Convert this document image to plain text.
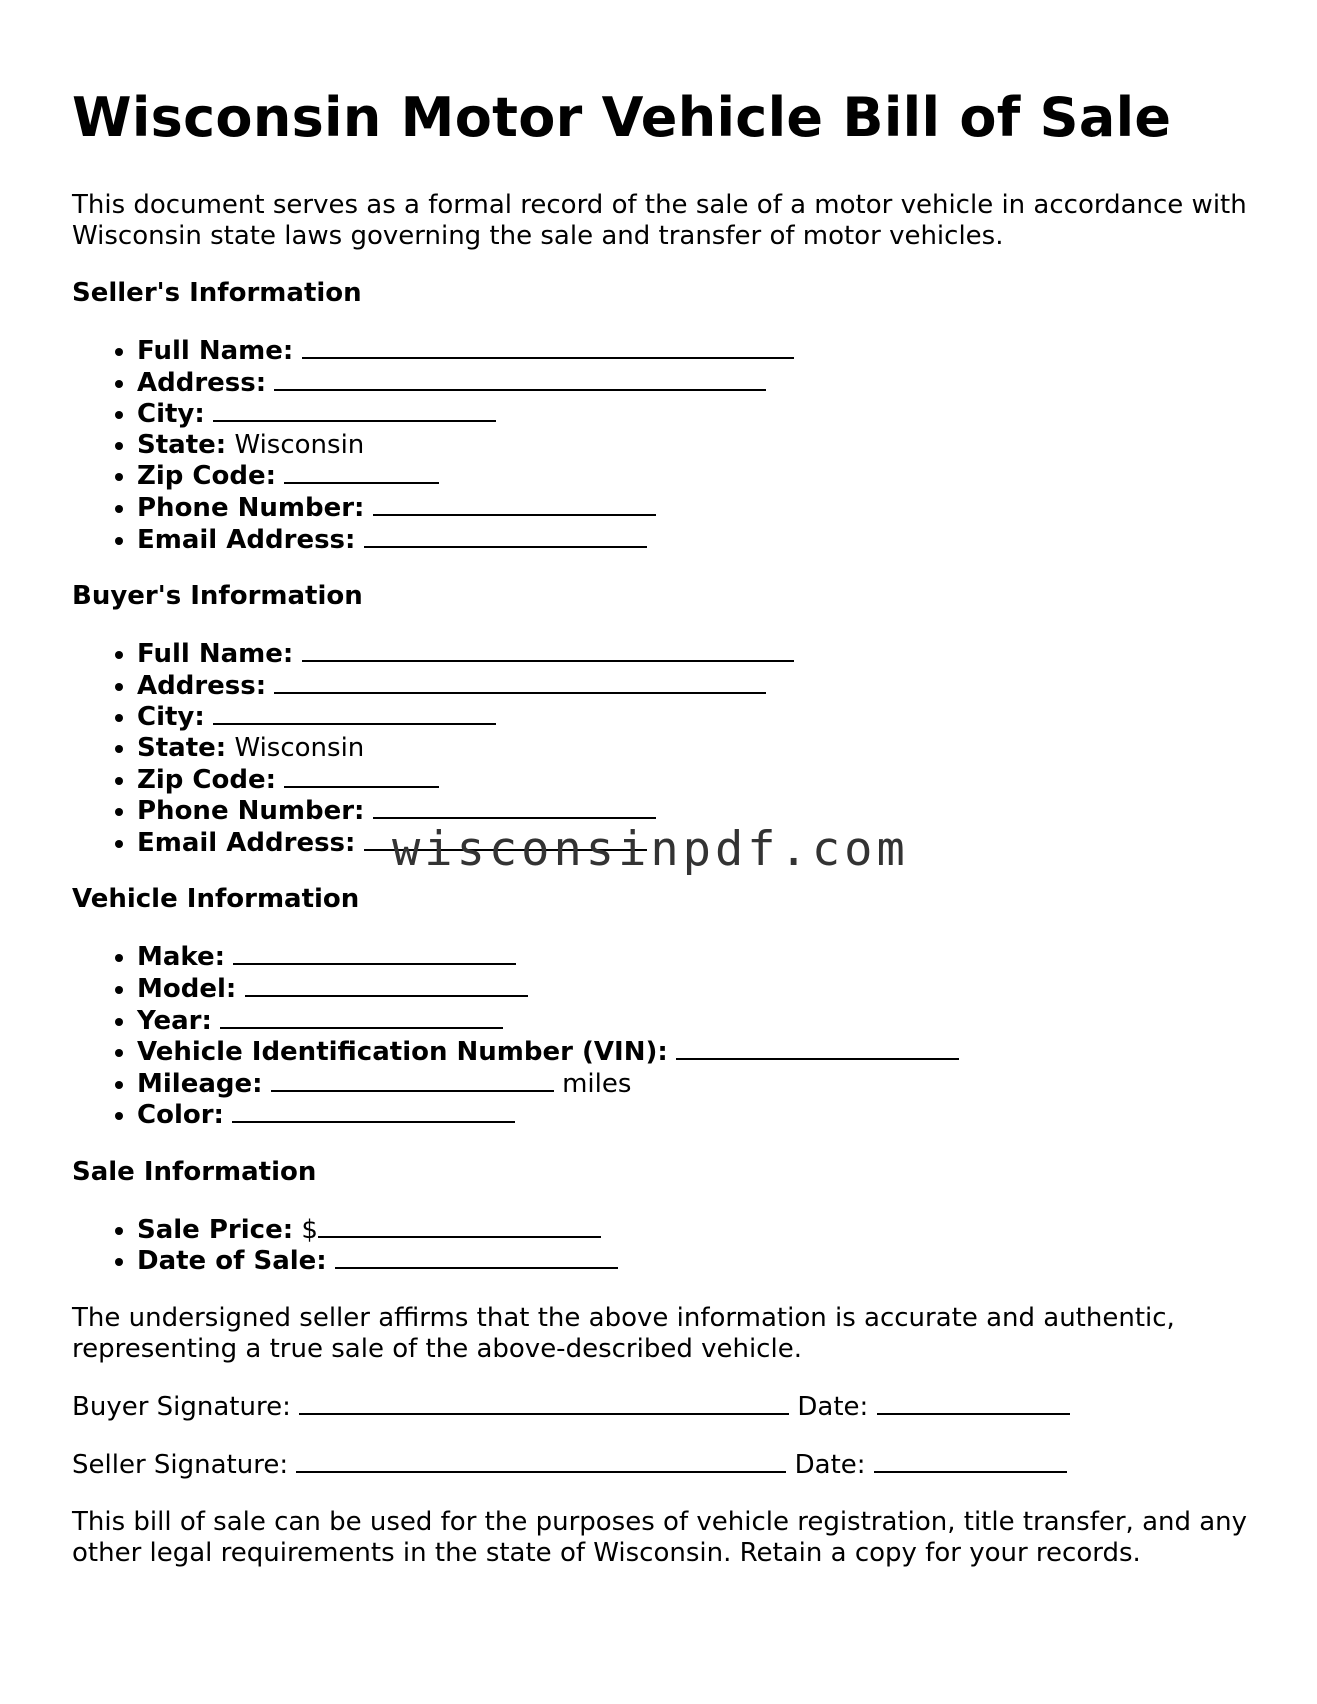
Wisconsin Motor Vehicle Bill of Sale

This document serves as a formal record of the sale of a motor vehicle in accordance with Wisconsin state laws governing the sale and transfer of motor vehicles.

Seller's Information
• Full Name:
• Address:
• City:
• State: Wisconsin
• Zip Code:
• Phone Number:
• Email Address:
Buyer's Information
• Full Name:
• Address:
• City:
• State: Wisconsin
• Zip Code:
• Phone Number:
• Email Address:
Vehicle Information
• Make:
• Model:
• Year:
• Vehicle Identification Number (VIN):
• Mileage:	miles
• Color:
Sale Information
• Sale Price: $
• Date of Sale:

The undersigned seller affirms that the above information is accurate and authentic, representing a true sale of the above-described vehicle.

Buyer Signature:	Date:
Seller Signature:	Date:

This bill of sale can be used for the purposes of vehicle registration, title transfer, and any other legal requirements in the state of Wisconsin. Retain a copy for your records.

wisconsinpdf.com
